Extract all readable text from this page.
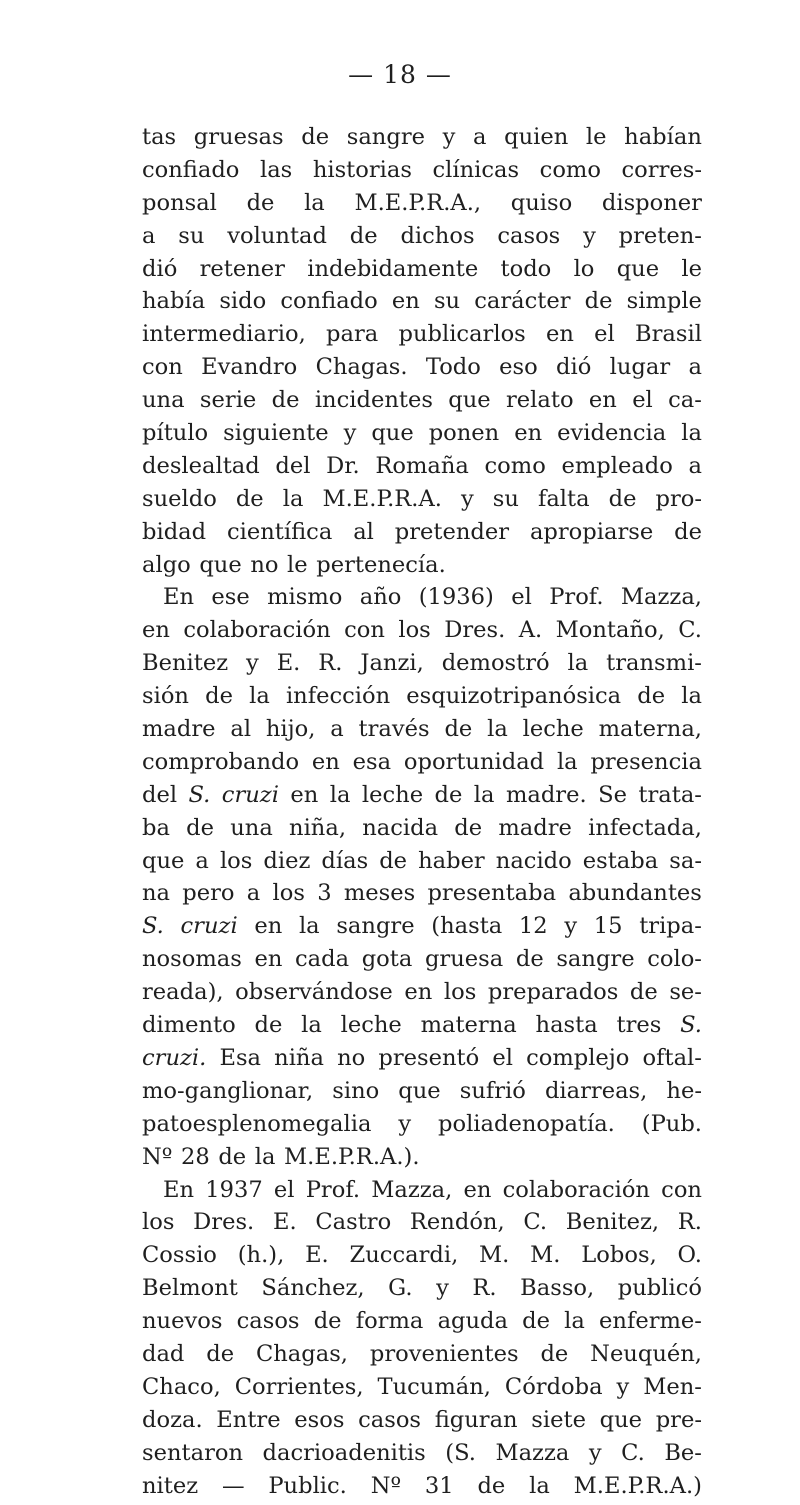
— 18 —
tas gruesas de sangre y a quien le habían
confiado las historias clínicas como corres-
ponsal de la M.E.P.R.A., quiso disponer
a su voluntad de dichos casos y preten-
dió retener indebidamente todo lo que le
había sido confiado en su carácter de simple
intermediario, para publicarlos en el Brasil
con Evandro Chagas. Todo eso dió lugar a
una serie de incidentes que relato en el ca-
pítulo siguiente y que ponen en evidencia la
deslealtad del Dr. Romaña como empleado a
sueldo de la M.E.P.R.A. y su falta de pro-
bidad científica al pretender apropiarse de
algo que no le pertenecía.
En ese mismo año (1936) el Prof. Mazza,
en colaboración con los Dres. A. Montaño, C.
Benitez y E. R. Janzi, demostró la transmi-
sión de la infección esquizotripanósica de la
madre al hijo, a través de la leche materna,
comprobando en esa oportunidad la presencia
del S. cruzi en la leche de la madre. Se trata-
ba de una niña, nacida de madre infectada,
que a los diez días de haber nacido estaba sa-
na pero a los 3 meses presentaba abundantes
S. cruzi en la sangre (hasta 12 y 15 tripa-
nosomas en cada gota gruesa de sangre colo-
reada), observándose en los preparados de se-
dimento de la leche materna hasta tres S.
cruzi. Esa niña no presentó el complejo oftal-
mo-ganglionar, sino que sufrió diarreas, he-
patoesplenomegalia y poliadenopatía. (Pub.
Nº 28 de la M.E.P.R.A.).
En 1937 el Prof. Mazza, en colaboración con
los Dres. E. Castro Rendón, C. Benitez, R.
Cossio (h.), E. Zuccardi, M. M. Lobos, O.
Belmont Sánchez, G. y R. Basso, publicó
nuevos casos de forma aguda de la enferme-
dad de Chagas, provenientes de Neuquén,
Chaco, Corrientes, Tucumán, Córdoba y Men-
doza. Entre esos casos figuran siete que pre-
sentaron dacrioadenitis (S. Mazza y C. Be-
nitez — Public. Nº 31 de la M.E.P.R.A.)
